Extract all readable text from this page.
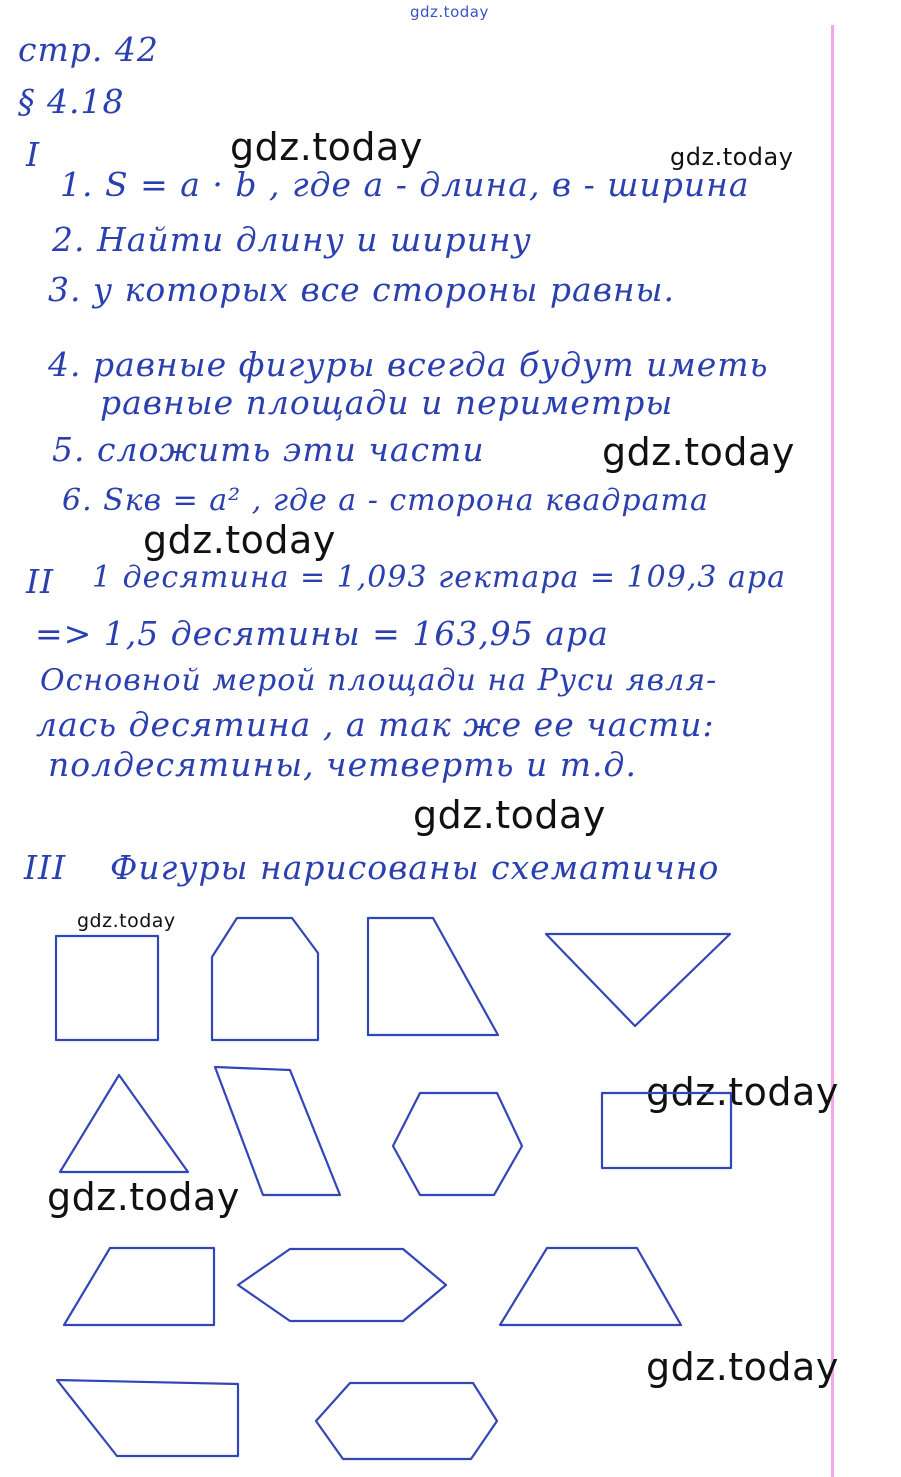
gdz.today
gdz.today	gdz.today
gdz.today
gdz.today
gdz.today
gdz.today
gdz.today
gdz.today
gdz.today
стр. 42
§ 4.18
I
1. S = a · b , где а - длина, в - ширина
2. Найти длину и ширину
3. у которых все стороны равны.
4. равные фигуры всегда будут иметь
равные площади и периметры
5. сложить эти части
6. Sкв = a² , где а - сторона квадрата
II 1 десятина = 1,093 гектара = 109,3 ара
=> 1,5 десятины = 163,95 ара
Основной мерой площади на Руси явля-
лась десятина , а так же ее части:
полдесятины, четверть и т.д.
III Фигуры нарисованы схематично
